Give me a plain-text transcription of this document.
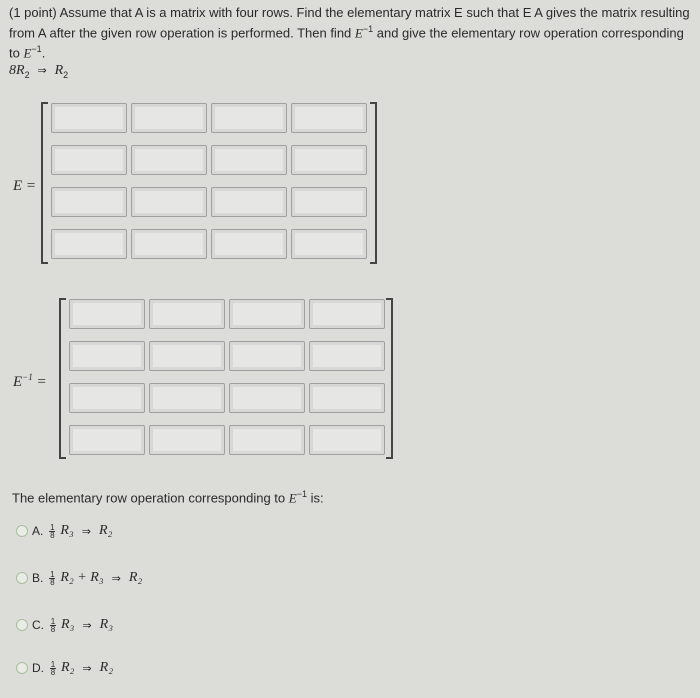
(1 point) Assume that A is a matrix with four rows. Find the elementary matrix E such that E A gives the matrix resulting from A after the given row operation is performed. Then find $E^{-1}$ and give the elementary row operation corresponding to $E^{-1}$.
$8R_2$ ⇒ $R_2$
E =
$E^{-1}$ =
The elementary row operation corresponding to $E^{-1}$ is:
A. $\frac{1}{8} R_3$ ⇒ R₂
B. $\frac{1}{8} R_2 + R_3$ ⇒ R₂
C. $\frac{1}{8} R_3$ ⇒ R₃
D. $\frac{1}{8} R_2$ ⇒ R₂
